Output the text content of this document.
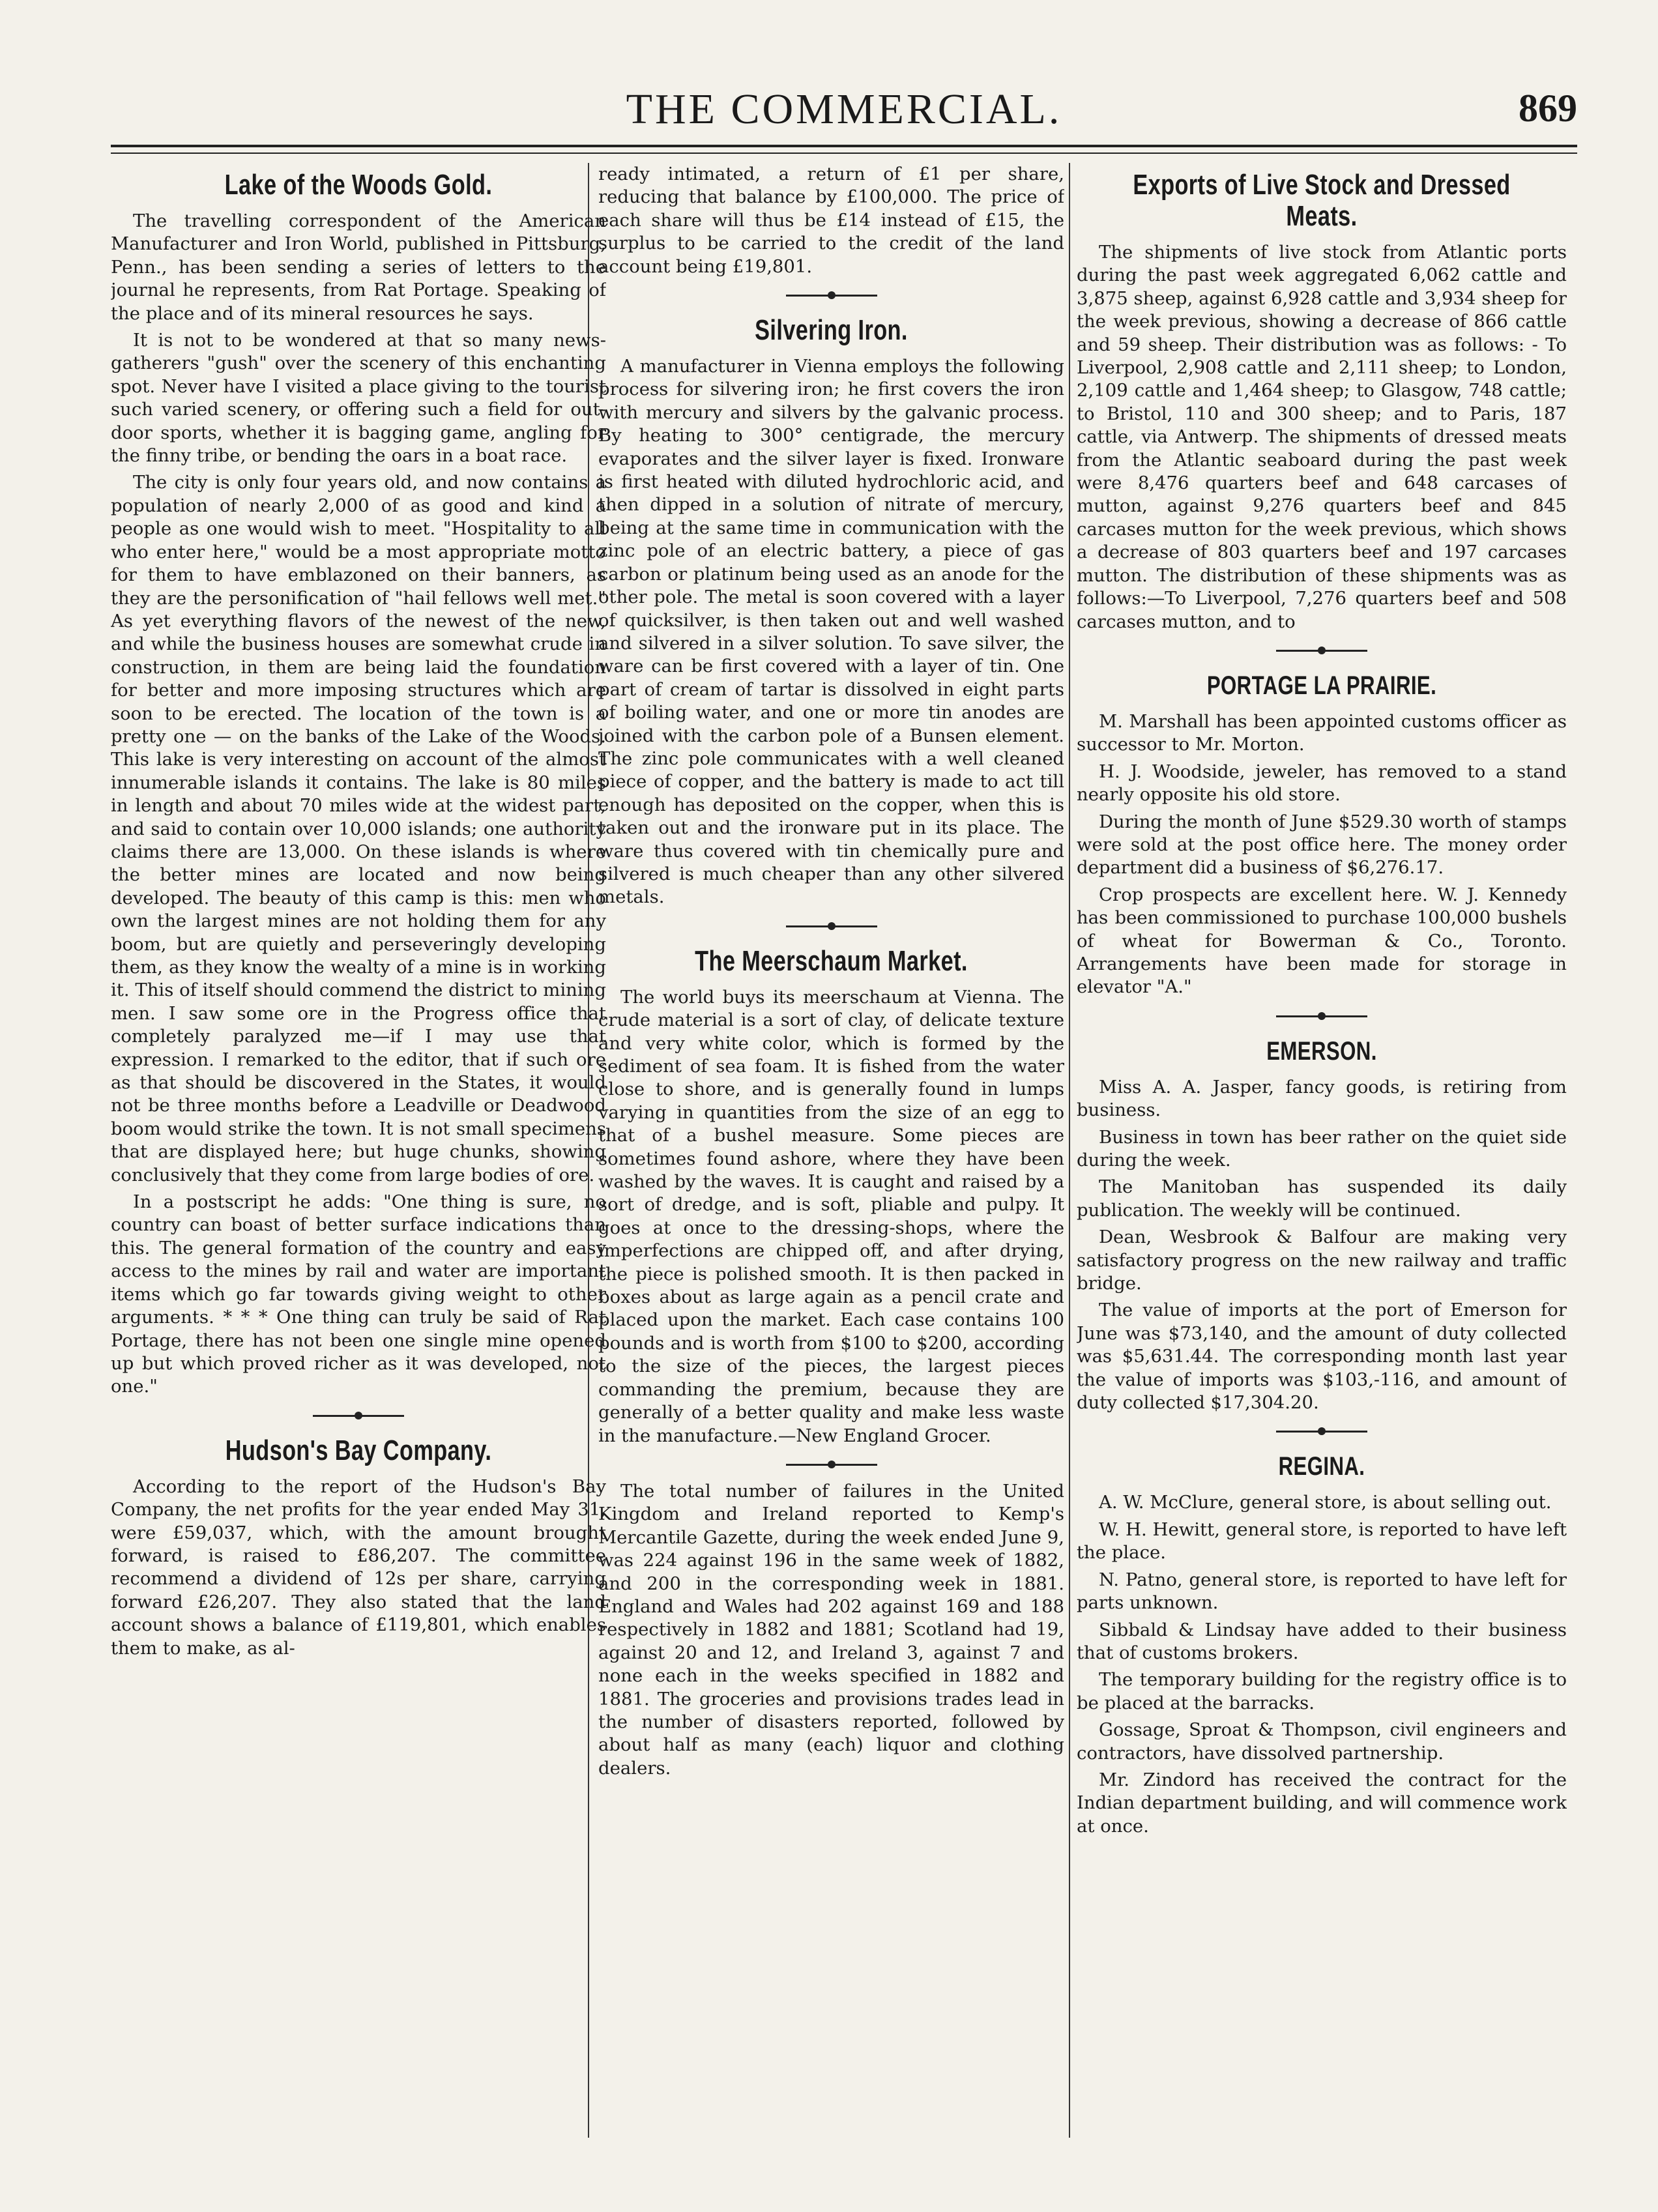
THE COMMERCIAL.	869
Lake of the Woods Gold.

The travelling correspondent of the American Manufacturer and Iron World, published in Pittsburg, Penn., has been sending a series of letters to the journal he represents, from Rat Portage. Speaking of the place and of its mineral resources he says.

It is not to be wondered at that so many news-gatherers "gush" over the scenery of this enchanting spot. Never have I visited a place giving to the tourist such varied scenery, or offering such a field for out-door sports, whether it is bagging game, angling for the finny tribe, or bending the oars in a boat race.

The city is only four years old, and now contains a population of nearly 2,000 of as good and kind a people as one would wish to meet. "Hospitality to all who enter here," would be a most appropriate motto for them to have emblazoned on their banners, as they are the personification of "hail fellows well met." As yet everything flavors of the newest of the new, and while the business houses are somewhat crude in construction, in them are being laid the foundation for better and more imposing structures which are soon to be erected. The location of the town is a pretty one — on the banks of the Lake of the Woods. This lake is very interesting on account of the almost innumerable islands it contains. The lake is 80 miles in length and about 70 miles wide at the widest part, and said to contain over 10,000 islands; one authority claims there are 13,000. On these islands is where the better mines are located and now being developed. The beauty of this camp is this: men who own the largest mines are not holding them for any boom, but are quietly and perseveringly developing them, as they know the wealty of a mine is in working it. This of itself should commend the district to mining men. I saw some ore in the Progress office that completely paralyzed me—if I may use that expression. I remarked to the editor, that if such ore as that should be discovered in the States, it would not be three months before a Leadville or Deadwood boom would strike the town. It is not small specimens that are displayed here; but huge chunks, showing conclusively that they come from large bodies of ore.

In a postscript he adds: "One thing is sure, no country can boast of better surface indications than this. The general formation of the country and easy access to the mines by rail and water are important items which go far towards giving weight to other arguments. * * * One thing can truly be said of Rat Portage, there has not been one single mine opened up but which proved richer as it was developed, not one."

Hudson's Bay Company.

According to the report of the Hudson's Bay Company, the net profits for the year ended May 31, were £59,037, which, with the amount brought forward, is raised to £86,207. The committee recommend a dividend of 12s per share, carrying forward £26,207. They also stated that the land account shows a balance of £119,801, which enables them to make, as al-

ready intimated, a return of £1 per share, reducing that balance by £100,000. The price of each share will thus be £14 instead of £15, the surplus to be carried to the credit of the land account being £19,801.

Silvering Iron.

A manufacturer in Vienna employs the following process for silvering iron; he first covers the iron with mercury and silvers by the galvanic process. By heating to 300° centigrade, the mercury evaporates and the silver layer is fixed. Ironware is first heated with diluted hydrochloric acid, and then dipped in a solution of nitrate of mercury, being at the same time in communication with the zinc pole of an electric battery, a piece of gas carbon or platinum being used as an anode for the other pole. The metal is soon covered with a layer of quicksilver, is then taken out and well washed and silvered in a silver solution. To save silver, the ware can be first covered with a layer of tin. One part of cream of tartar is dissolved in eight parts of boiling water, and one or more tin anodes are joined with the carbon pole of a Bunsen element. The zinc pole communicates with a well cleaned piece of copper, and the battery is made to act till enough has deposited on the copper, when this is taken out and the ironware put in its place. The ware thus covered with tin chemically pure and silvered is much cheaper than any other silvered metals.

The Meerschaum Market.

The world buys its meerschaum at Vienna. The crude material is a sort of clay, of delicate texture and very white color, which is formed by the sediment of sea foam. It is fished from the water close to shore, and is generally found in lumps varying in quantities from the size of an egg to that of a bushel measure. Some pieces are sometimes found ashore, where they have been washed by the waves. It is caught and raised by a sort of dredge, and is soft, pliable and pulpy. It goes at once to the dressing-shops, where the imperfections are chipped off, and after drying, the piece is polished smooth. It is then packed in boxes about as large again as a pencil crate and placed upon the market. Each case contains 100 pounds and is worth from $100 to $200, according to the size of the pieces, the largest pieces commanding the premium, because they are generally of a better quality and make less waste in the manufacture.—New England Grocer.

The total number of failures in the United Kingdom and Ireland reported to Kemp's Mercantile Gazette, during the week ended June 9, was 224 against 196 in the same week of 1882, and 200 in the corresponding week in 1881. England and Wales had 202 against 169 and 188 respectively in 1882 and 1881; Scotland had 19, against 20 and 12, and Ireland 3, against 7 and none each in the weeks specified in 1882 and 1881. The groceries and provisions trades lead in the number of disasters reported, followed by about half as many (each) liquor and clothing dealers.

Exports of Live Stock and Dressed Meats.

The shipments of live stock from Atlantic ports during the past week aggregated 6,062 cattle and 3,875 sheep, against 6,928 cattle and 3,934 sheep for the week previous, showing a decrease of 866 cattle and 59 sheep. Their distribution was as follows: - To Liverpool, 2,908 cattle and 2,111 sheep; to London, 2,109 cattle and 1,464 sheep; to Glasgow, 748 cattle; to Bristol, 110 and 300 sheep; and to Paris, 187 cattle, via Antwerp. The shipments of dressed meats from the Atlantic seaboard during the past week were 8,476 quarters beef and 648 carcases of mutton, against 9,276 quarters beef and 845 carcases mutton for the week previous, which shows a decrease of 803 quarters beef and 197 carcases mutton. The distribution of these shipments was as follows:—To Liverpool, 7,276 quarters beef and 508 carcases mutton, and to

PORTAGE LA PRAIRIE.

M. Marshall has been appointed customs officer as successor to Mr. Morton.

H. J. Woodside, jeweler, has removed to a stand nearly opposite his old store.

During the month of June $529.30 worth of stamps were sold at the post office here. The money order department did a business of $6,276.17.

Crop prospects are excellent here. W. J. Kennedy has been commissioned to purchase 100,000 bushels of wheat for Bowerman & Co., Toronto. Arrangements have been made for storage in elevator "A."

EMERSON.

Miss A. A. Jasper, fancy goods, is retiring from business.

Business in town has beer rather on the quiet side during the week.

The Manitoban has suspended its daily publication. The weekly will be continued.

Dean, Wesbrook & Balfour are making very satisfactory progress on the new railway and traffic bridge.

The value of imports at the port of Emerson for June was $73,140, and the amount of duty collected was $5,631.44. The corresponding month last year the value of imports was $103,-116, and amount of duty collected $17,304.20.

REGINA.

A. W. McClure, general store, is about selling out.

W. H. Hewitt, general store, is reported to have left the place.

N. Patno, general store, is reported to have left for parts unknown.

Sibbald & Lindsay have added to their business that of customs brokers.

The temporary building for the registry office is to be placed at the barracks.

Gossage, Sproat & Thompson, civil engineers and contractors, have dissolved partnership.

Mr. Zindord has received the contract for the Indian department building, and will commence work at once.
